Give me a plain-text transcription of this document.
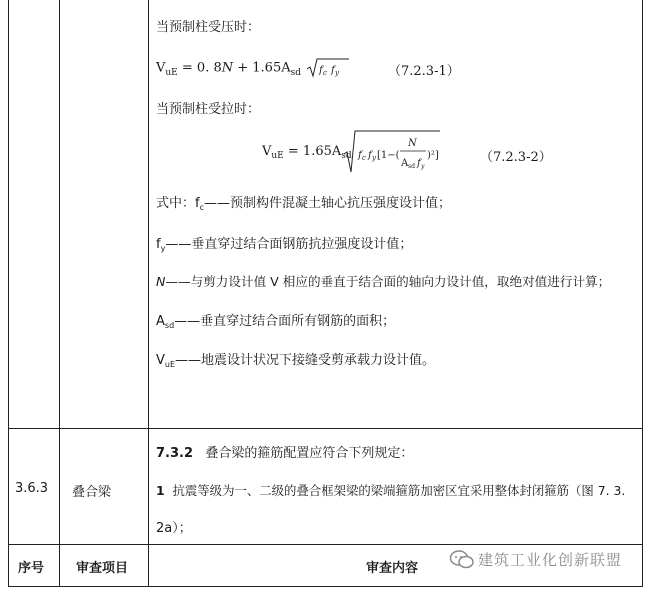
当预制柱受压时：
$V_{uE} = 0$. $8N + 1.65A_{sd}$ f c f y	（7.2.3-1）
当预制柱受拉时：
$V_{uE} = 1.65A_{sd}$ f c f y [1−(
N
A sd f y
)²]	（7.2.3-2）
式中：$f_c——$预制构件混凝土轴心抗压强度设计值；
$f_y——$垂直穿过结合面钢筋抗拉强度设计值；
N——与剪力设计值 V 相应的垂直于结合面的轴向力设计值，取绝对值进行计算；
$A_{sd}——$垂直穿过结合面所有钢筋的面积；
$V_{uE}——$地震设计状况下接缝受剪承载力设计值。
3.6.3 叠合梁
7.3.2 叠合梁的箍筋配置应符合下列规定：
1 抗震等级为一、二级的叠合框架梁的梁端箍筋加密区宜采用整体封闭箍筋（图 7. 3.
2a）；
序号 审查项目	审查内容	建筑工业化创新联盟
